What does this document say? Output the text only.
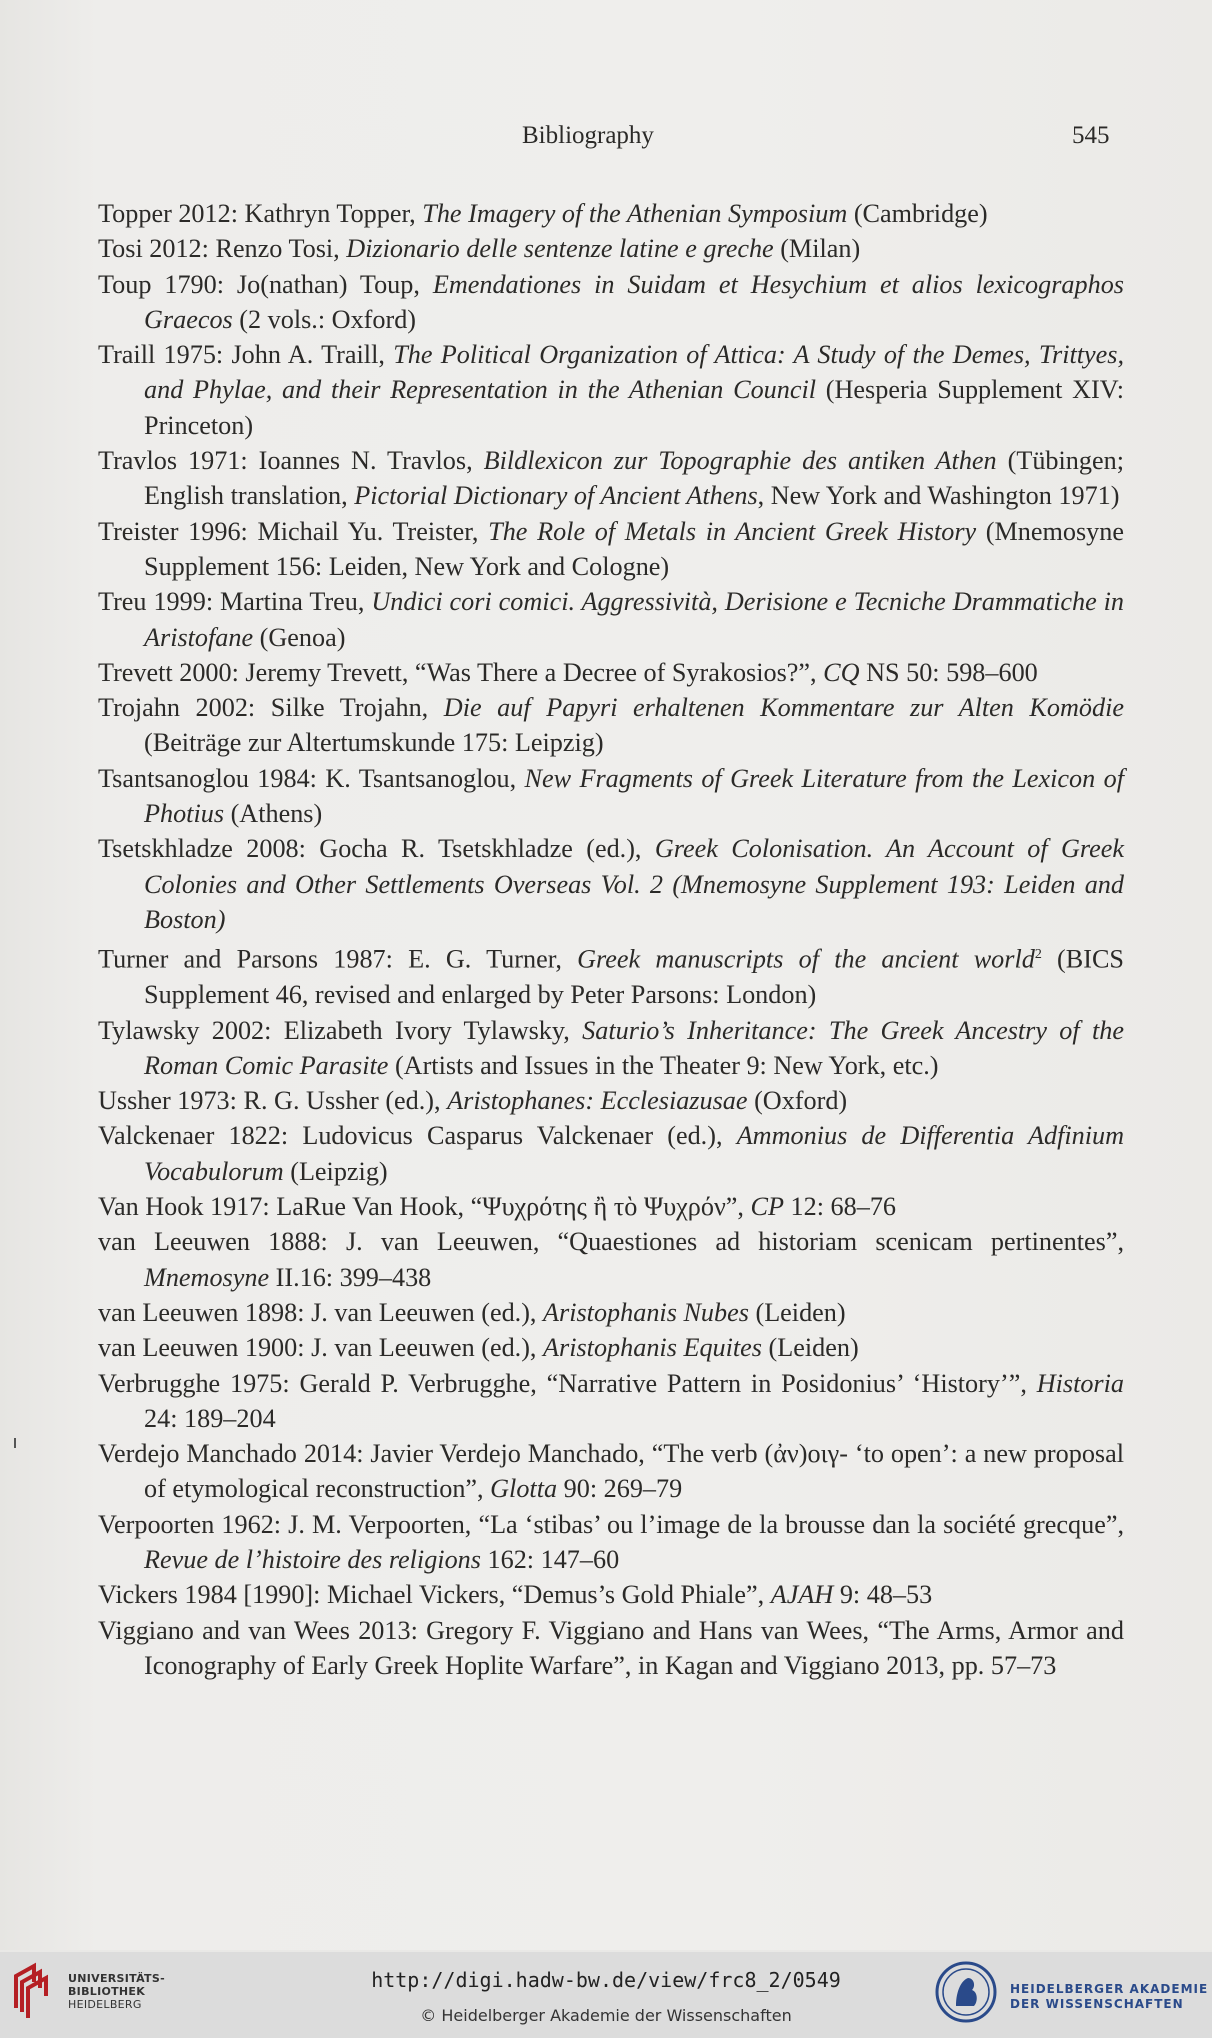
Bibliography	545
Topper 2012: Kathryn Topper, The Imagery of the Athenian Symposium (Cambridge)
Tosi 2012: Renzo Tosi, Dizionario delle sentenze latine e greche (Milan)
Toup 1790: Jo(nathan) Toup, Emendationes in Suidam et Hesychium et alios lexicographos Graecos (2 vols.: Oxford)
Traill 1975: John A. Traill, The Political Organization of Attica: A Study of the Demes, Trittyes, and Phylae, and their Representation in the Athenian Council (Hesperia Supplement XIV: Princeton)
Travlos 1971: Ioannes N. Travlos, Bildlexicon zur Topographie des antiken Athen (Tübingen; English translation, Pictorial Dictionary of Ancient Athens, New York and Washington 1971)
Treister 1996: Michail Yu. Treister, The Role of Metals in Ancient Greek History (Mnemosyne Supplement 156: Leiden, New York and Cologne)
Treu 1999: Martina Treu, Undici cori comici. Aggressività, Derisione e Tecniche Drammatiche in Aristofane (Genoa)
Trevett 2000: Jeremy Trevett, “Was There a Decree of Syrakosios?”, CQ NS 50: 598–600
Trojahn 2002: Silke Trojahn, Die auf Papyri erhaltenen Kommentare zur Alten Komödie (Beiträge zur Altertumskunde 175: Leipzig)
Tsantsanoglou 1984: K. Tsantsanoglou, New Fragments of Greek Literature from the Lexicon of Photius (Athens)
Tsetskhladze 2008: Gocha R. Tsetskhladze (ed.), Greek Colonisation. An Account of Greek Colonies and Other Settlements Overseas Vol. 2 (Mnemosyne Supplement 193: Leiden and Boston)
Turner and Parsons 1987: E. G. Turner, Greek manuscripts of the ancient world$^2$ (BICS Supplement 46, revised and enlarged by Peter Parsons: London)
Tylawsky 2002: Elizabeth Ivory Tylawsky, Saturio’s Inheritance: The Greek Ancestry of the Roman Comic Parasite (Artists and Issues in the Theater 9: New York, etc.)
Ussher 1973: R. G. Ussher (ed.), Aristophanes: Ecclesiazusae (Oxford)
Valckenaer 1822: Ludovicus Casparus Valckenaer (ed.), Ammonius de Differentia Adfinium Vocabulorum (Leipzig)
Van Hook 1917: LaRue Van Hook, “Ψυχρότης ἢ τὸ Ψυχρόν”, CP 12: 68–76
van Leeuwen 1888: J. van Leeuwen, “Quaestiones ad historiam scenicam pertinentes”, Mnemosyne II.16: 399–438
van Leeuwen 1898: J. van Leeuwen (ed.), Aristophanis Nubes (Leiden)
van Leeuwen 1900: J. van Leeuwen (ed.), Aristophanis Equites (Leiden)
Verbrugghe 1975: Gerald P. Verbrugghe, “Narrative Pattern in Posidonius’ ‘History’”, Historia 24: 189–204
Verdejo Manchado 2014: Javier Verdejo Manchado, “The verb (ἀν)οιγ- ‘to open’: a new proposal of etymological reconstruction”, Glotta 90: 269–79
Verpoorten 1962: J. M. Verpoorten, “La ‘stibas’ ou l’image de la brousse dan la société grecque”, Revue de l’histoire des religions 162: 147–60
Vickers 1984 [1990]: Michael Vickers, “Demus’s Gold Phiale”, AJAH 9: 48–53
Viggiano and van Wees 2013: Gregory F. Viggiano and Hans van Wees, “The Arms, Armor and Iconography of Early Greek Hoplite Warfare”, in Kagan and Viggiano 2013, pp. 57–73
UNIVERSITÄTS-
BIBLIOTHEK
HEIDELBERG
http://digi.hadw-bw.de/view/frc8_2/0549
© Heidelberger Akademie der Wissenschaften
HEIDELBERGER AKADEMIE
DER WISSENSCHAFTEN
